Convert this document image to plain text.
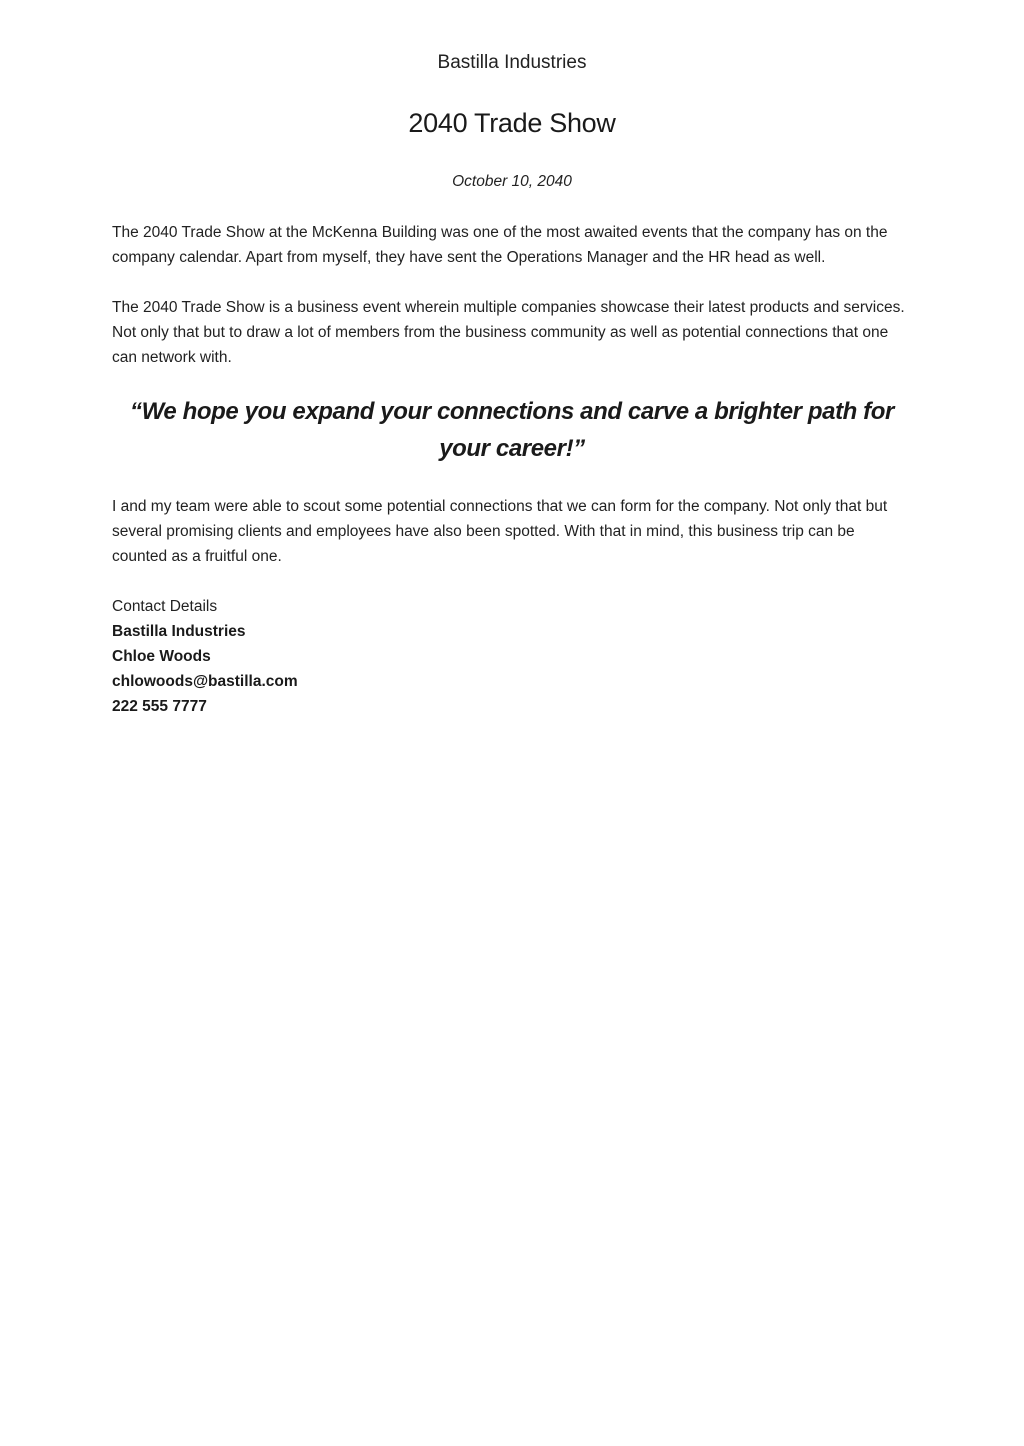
Bastilla Industries
2040 Trade Show
October 10, 2040

The 2040 Trade Show at the McKenna Building was one of the most awaited events that the company has on the company calendar. Apart from myself, they have sent the Operations Manager and the HR head as well.

The 2040 Trade Show is a business event wherein multiple companies showcase their latest products and services. Not only that but to draw a lot of members from the business community as well as potential connections that one can network with.

“We hope you expand your connections and carve a brighter path for your career!”

I and my team were able to scout some potential connections that we can form for the company. Not only that but several promising clients and employees have also been spotted. With that in mind, this business trip can be counted as a fruitful one.

Contact Details
Bastilla Industries
Chloe Woods
chlowoods@bastilla.com
222 555 7777
